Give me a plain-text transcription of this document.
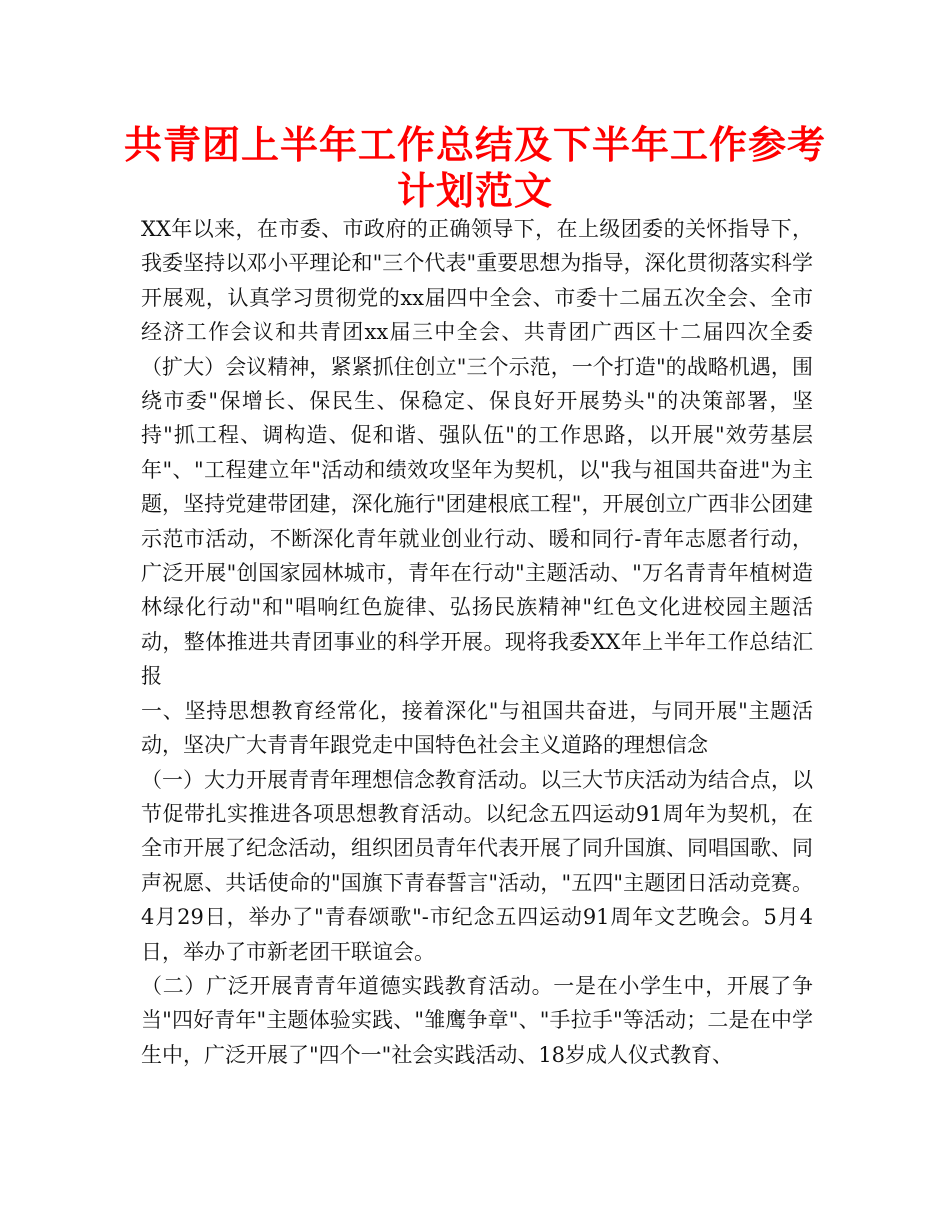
共青团上半年工作总结及下半年工作参考计划范文

XX年以来，在市委、市政府的正确领导下，在上级团委的关怀指导下，我委坚持以邓小平理论和"三个代表"重要思想为指导，深化贯彻落实科学开展观，认真学习贯彻党的xx届四中全会、市委十二届五次全会、全市经济工作会议和共青团xx届三中全会、共青团广西区十二届四次全委（扩大）会议精神，紧紧抓住创立"三个示范，一个打造"的战略机遇，围绕市委"保增长、保民生、保稳定、保良好开展势头"的决策部署，坚持"抓工程、调构造、促和谐、强队伍"的工作思路，以开展"效劳基层年"、"工程建立年"活动和绩效攻坚年为契机，以"我与祖国共奋进"为主题，坚持党建带团建，深化施行"团建根底工程"，开展创立广西非公团建示范市活动，不断深化青年就业创业行动、暖和同行-青年志愿者行动，广泛开展"创国家园林城市，青年在行动"主题活动、"万名青青年植树造林绿化行动"和"唱响红色旋律、弘扬民族精神"红色文化进校园主题活动，整体推进共青团事业的科学开展。现将我委XX年上半年工作总结汇报

一、坚持思想教育经常化，接着深化"与祖国共奋进，与同开展"主题活动，坚决广大青青年跟党走中国特色社会主义道路的理想信念

（一）大力开展青青年理想信念教育活动。以三大节庆活动为结合点，以节促带扎实推进各项思想教育活动。以纪念五四运动91周年为契机，在全市开展了纪念活动，组织团员青年代表开展了同升国旗、同唱国歌、同声祝愿、共话使命的"国旗下青春誓言"活动，"五四"主题团日活动竞赛。4月29日，举办了"青春颂歌"-市纪念五四运动91周年文艺晚会。5月4日，举办了市新老团干联谊会。

（二）广泛开展青青年道德实践教育活动。一是在小学生中，开展了争当"四好青年"主题体验实践、"雏鹰争章"、"手拉手"等活动；二是在中学生中，广泛开展了"四个一"社会实践活动、18岁成人仪式教育、
